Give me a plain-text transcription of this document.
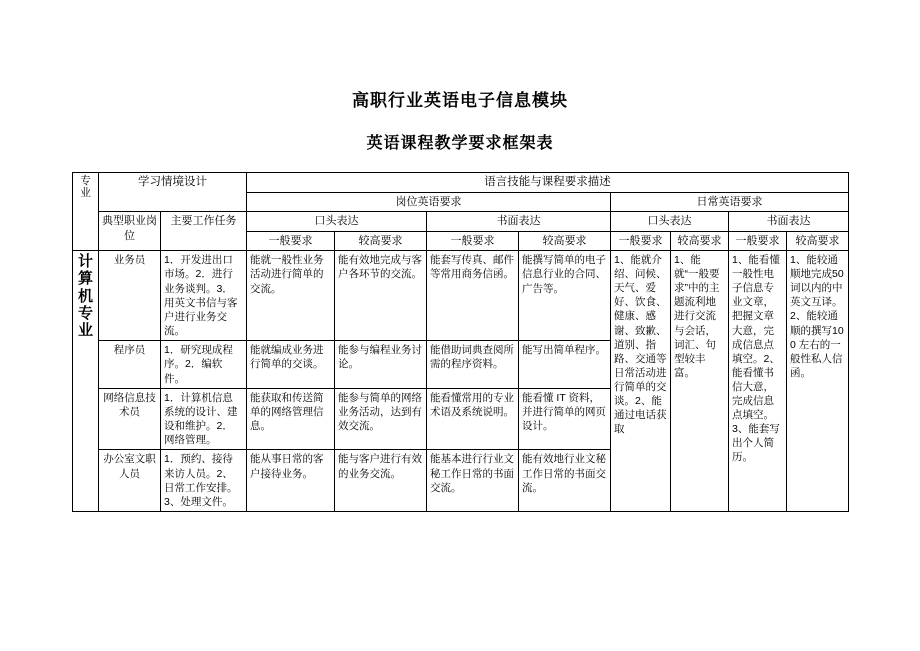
高职行业英语电子信息模块
英语课程教学要求框架表
专业	学习情境设计		语言技能与课程要求描述							
			岗位英语要求				日常英语要求			
	典型职业岗位	主要工作任务	口头表达		书面表达		口头表达		书面表达	
			一般要求	较高要求	一般要求	较高要求	一般要求	较高要求	一般要求	较高要求

计
算
机
专
业	业务员	1．开发进出口市场。2．进行业务谈判。3．用英文书信与客户进行业务交流。	能就一般性业务活动进行简单的交流。	能有效地完成与客户各环节的交流。	能套写传真、邮件等常用商务信函。	能撰写简单的电子信息行业的合同、广告等。	1、能就介绍、问候、天气、爱好、饮食、健康、感谢、致歉、道别、指路、交通等日常活动进行简单的交谈。2、能通过电话获取	1、能就“一般要求”中的主题流利地进行交流与会话，词汇、句型较丰富。	1、能看懂一般性电子信息专业文章，把握文章大意，完成信息点填空。2、能看懂书信大意，完成信息点填空。3、能套写出个人简历。	1、能较通顺地完成50 词以内的中英文互译。2、能较通顺的撰写100 左右的一般性私人信函。
	程序员	1．研究现成程序。2．编软件。	能就编成业务进行简单的交谈。	能参与编程业务讨论。	能借助词典查阅所需的程序资料。	能写出简单程序。				
	网络信息技术员	1．计算机信息系统的设计、建设和维护。2．网络管理。	能获取和传送简单的网络管理信息。	能参与简单的网络业务活动，达到有效交流。	能看懂常用的专业术语及系统说明。	能看懂 IT 资料，并进行简单的网页设计。				
	办公室文职人员	1．预约、接待来访人员。2、日常工作安排。3、处理文件。	能从事日常的客户接待业务。	能与客户进行有效的业务交流。	能基本进行行业文秘工作日常的书面交流。	能有效地行业文秘工作日常的书面交流。				
